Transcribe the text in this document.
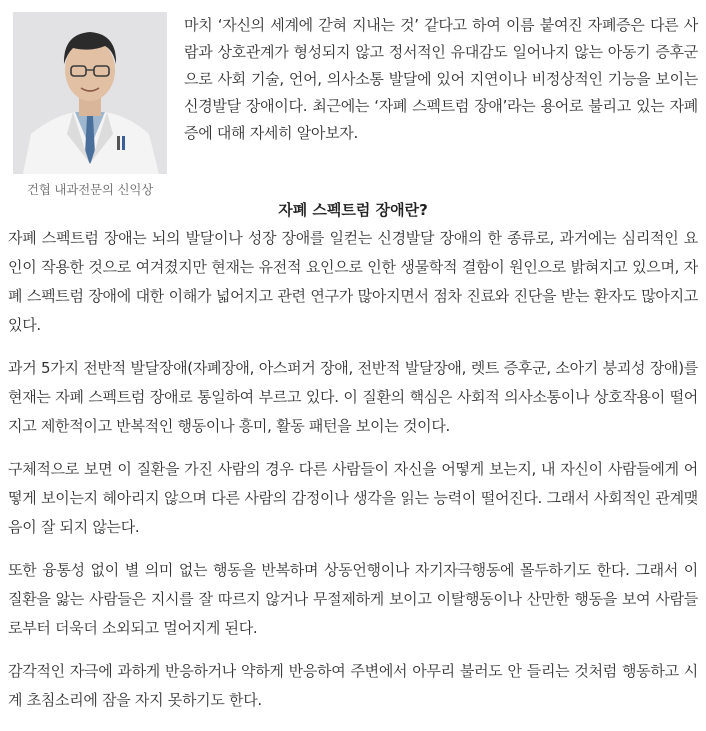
건협 내과전문의 신익상

마치 ‘자신의 세계에 갇혀 지내는 것’ 같다고 하여 이름 붙여진 자폐증은 다른 사람과 상호관계가 형성되지 않고 정서적인 유대감도 일어나지 않는 아동기 증후군으로 사회 기술, 언어, 의사소통 발달에 있어 지연이나 비정상적인 기능을 보이는 신경발달 장애이다. 최근에는 ‘자폐 스펙트럼 장애’라는 용어로 불리고 있는 자폐증에 대해 자세히 알아보자.

자폐 스펙트럼 장애란?

자폐 스펙트럼 장애는 뇌의 발달이나 성장 장애를 일컫는 신경발달 장애의 한 종류로, 과거에는 심리적인 요인이 작용한 것으로 여겨졌지만 현재는 유전적 요인으로 인한 생물학적 결함이 원인으로 밝혀지고 있으며, 자폐 스펙트럼 장애에 대한 이해가 넓어지고 관련 연구가 많아지면서 점차 진료와 진단을 받는 환자도 많아지고 있다.

과거 5가지 전반적 발달장애(자폐장애, 아스퍼거 장애, 전반적 발달장애, 렛트 증후군, 소아기 붕괴성 장애)를 현재는 자폐 스펙트럼 장애로 통일하여 부르고 있다. 이 질환의 핵심은 사회적 의사소통이나 상호작용이 떨어지고 제한적이고 반복적인 행동이나 흥미, 활동 패턴을 보이는 것이다.

구체적으로 보면 이 질환을 가진 사람의 경우 다른 사람들이 자신을 어떻게 보는지, 내 자신이 사람들에게 어떻게 보이는지 헤아리지 않으며 다른 사람의 감정이나 생각을 읽는 능력이 떨어진다. 그래서 사회적인 관계맺음이 잘 되지 않는다.

또한 융통성 없이 별 의미 없는 행동을 반복하며 상동언행이나 자기자극행동에 몰두하기도 한다. 그래서 이 질환을 앓는 사람들은 지시를 잘 따르지 않거나 무절제하게 보이고 이탈행동이나 산만한 행동을 보여 사람들로부터 더욱더 소외되고 멀어지게 된다.

감각적인 자극에 과하게 반응하거나 약하게 반응하여 주변에서 아무리 불러도 안 들리는 것처럼 행동하고 시계 초침소리에 잠을 자지 못하기도 한다.
